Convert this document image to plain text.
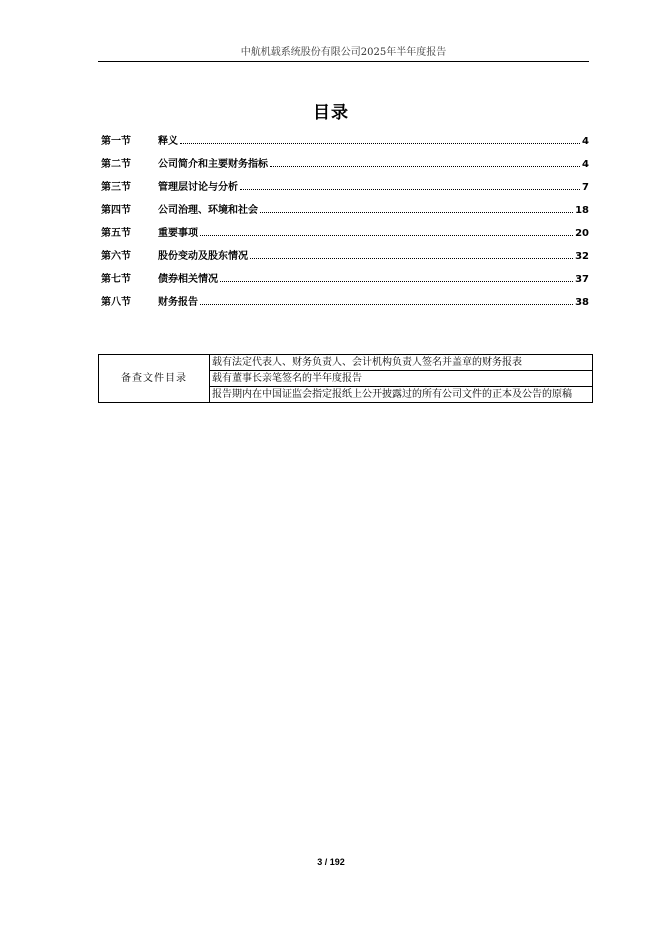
中航机载系统股份有限公司2025年半年度报告
目录
第一节	释义	4
第二节	公司简介和主要财务指标	4
第三节	管理层讨论与分析	7
第四节	公司治理、环境和社会	18
第五节	重要事项	20
第六节	股份变动及股东情况	32
第七节	债券相关情况	37
第八节	财务报告	38
备查文件目录	载有法定代表人、财务负责人、会计机构负责人签名并盖章的财务报表
载有董事长亲笔签名的半年度报告
报告期内在中国证监会指定报纸上公开披露过的所有公司文件的正本及公告的原稿
3 / 192
